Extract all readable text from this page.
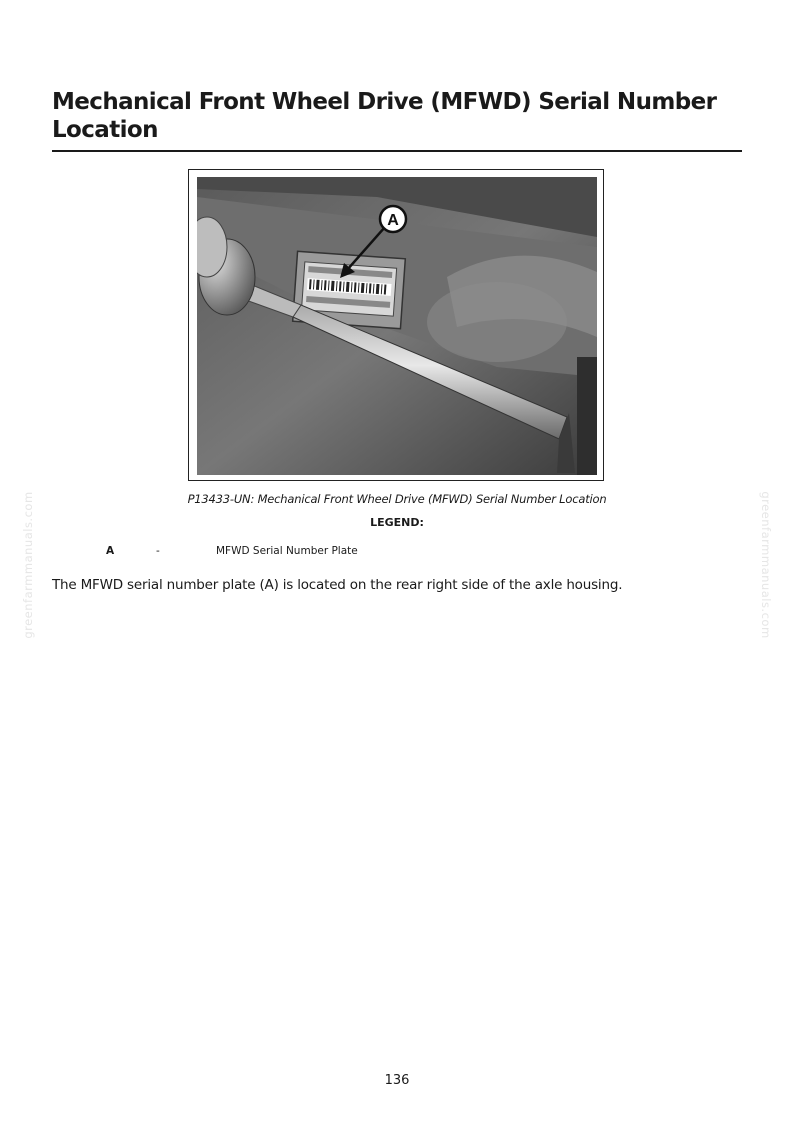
Mechanical Front Wheel Drive (MFWD) Serial Number Location
A
P13433-UN: Mechanical Front Wheel Drive (MFWD) Serial Number Location
LEGEND:
A	-	MFWD Serial Number Plate
The MFWD serial number plate (A) is located on the rear right side of the axle housing.
greenfarmmanuals.com	greenfarmmanuals.com
136
